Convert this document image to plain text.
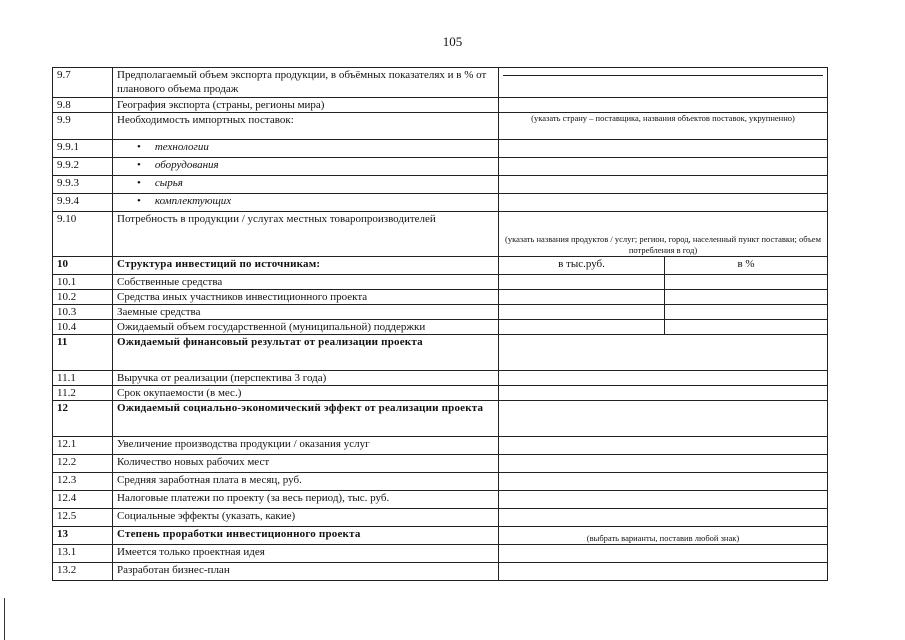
105
9.7	Предполагаемый объем экспорта продукции, в объёмных показателях и в % от планового объема продаж		

9.8	География экспорта (страны, регионы мира)		
9.9	Необходимость импортных поставок:	(указать страну – поставщика, названия объектов поставок, укрупненно)	

9.9.1	• технологии	
9.9.2	• оборудования	
9.9.3	• сырья	
9.9.4	• комплектующих	
9.10	Потребность в продукции / услугах местных товаропроизводителей	(указать названия продуктов / услуг; регион, город, населенный пункт поставки; объем потребления в год)	

10	Структура инвестиций по источникам:	в тыс.руб.	в %
10.1	Собственные средства		
10.2	Средства иных участников инвестиционного проекта		
10.3	Заемные средства		
10.4	Ожидаемый объем государственной (муниципальной) поддержки		
11	Ожидаемый финансовый результат от реализации проекта		
11.1	Выручка от реализации (перспектива 3 года)		
11.2	Срок окупаемости (в мес.)		
12	Ожидаемый социально-экономический эффект от реализации проекта		
12.1	Увеличение производства продукции / оказания услуг		
12.2	Количество новых рабочих мест		
12.3	Средняя заработная плата в месяц, руб.		
12.4	Налоговые платежи по проекту (за весь период), тыс. руб.		
12.5	Социальные эффекты (указать, какие)		
13	Степень проработки инвестиционного проекта	(выбрать варианты, поставив любой знак)	

13.1	Имеется только проектная идея		
13.2	Разработан бизнес-план		
